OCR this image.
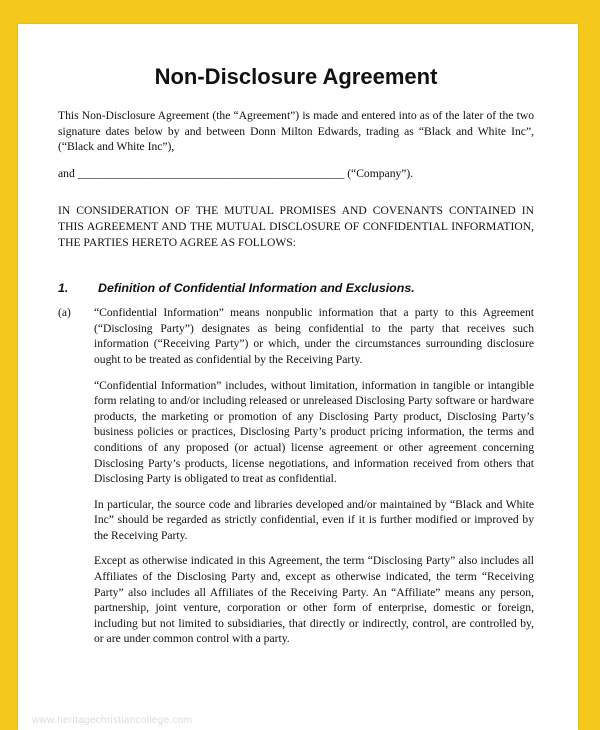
Non-Disclosure Agreement

This Non-Disclosure Agreement (the “Agreement”) is made and entered into as of the later of the two signature dates below by and between Donn Milton Edwards, trading as “Black and White Inc”, (“Black and White Inc”),

and ______________________________________________ (“Company”).

IN CONSIDERATION OF THE MUTUAL PROMISES AND COVENANTS CONTAINED IN THIS AGREEMENT AND THE MUTUAL DISCLOSURE OF CONFIDENTIAL INFORMATION, THE PARTIES HERETO AGREE AS FOLLOWS:

1.	Definition of Confidential Information and Exclusions.
(a)	“Confidential Information” means nonpublic information that a party to this Agreement (“Disclosing Party”) designates as being confidential to the party that receives such information (“Receiving Party”) or which, under the circumstances surrounding disclosure ought to be treated as confidential by the Receiving Party.

“Confidential Information” includes, without limitation, information in tangible or intangible form relating to and/or including released or unreleased Disclosing Party software or hardware products, the marketing or promotion of any Disclosing Party product, Disclosing Party’s business policies or practices, Disclosing Party’s product pricing information, the terms and conditions of any proposed (or actual) license agreement or other agreement concerning Disclosing Party’s products, license negotiations, and information received from others that Disclosing Party is obligated to treat as confidential.

In particular, the source code and libraries developed and/or maintained by “Black and White Inc” should be regarded as strictly confidential, even if it is further modified or improved by the Receiving Party.

Except as otherwise indicated in this Agreement, the term “Disclosing Party” also includes all Affiliates of the Disclosing Party and, except as otherwise indicated, the term “Receiving Party” also includes all Affiliates of the Receiving Party. An “Affiliate” means any person, partnership, joint venture, corporation or other form of enterprise, domestic or foreign, including but not limited to subsidiaries, that directly or indirectly, control, are controlled by, or are under common control with a party.

www.heritagechristiancollege.com
